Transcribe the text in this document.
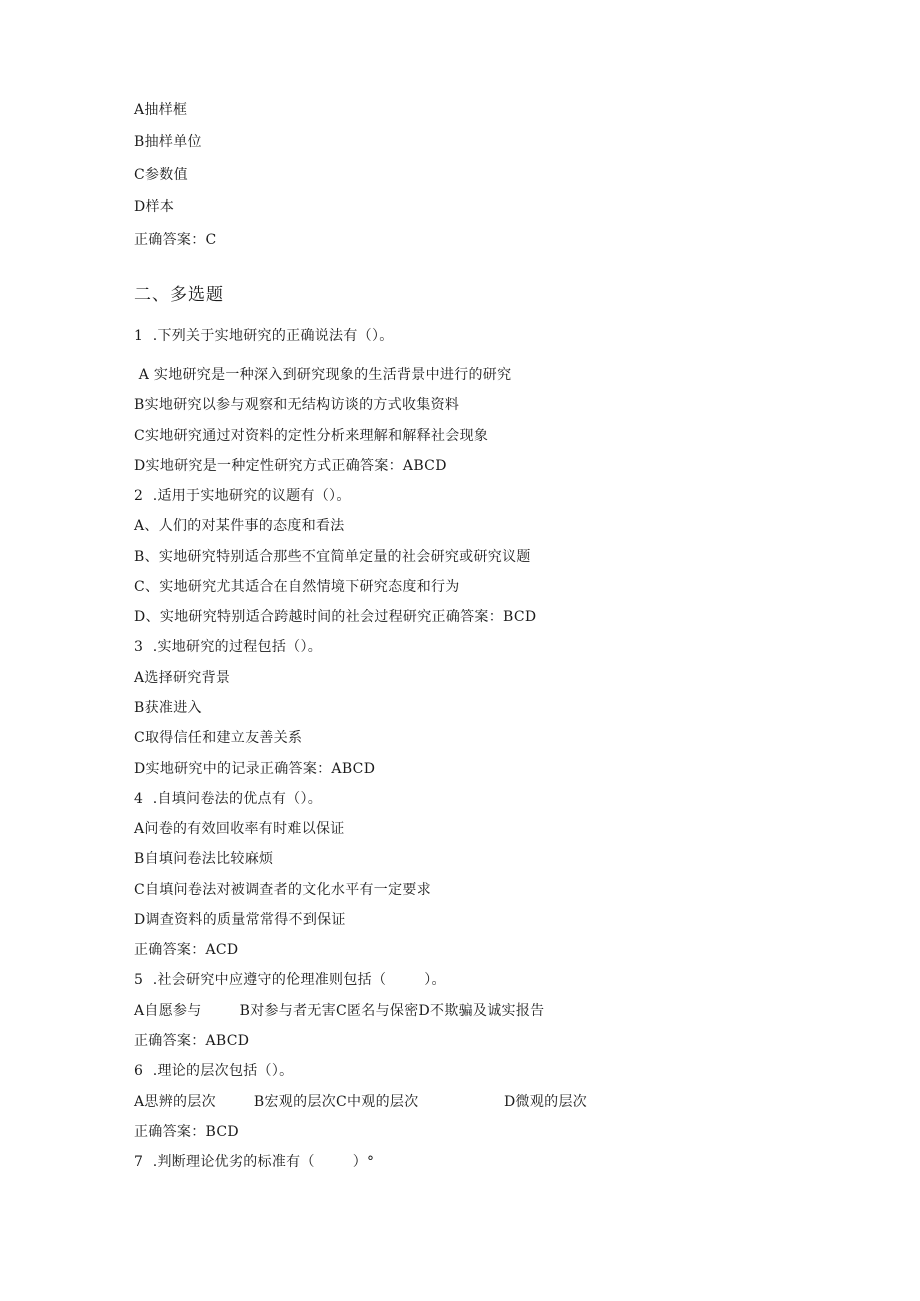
A抽样框
B抽样单位
C参数值
D样本
正确答案：C
二、多选题
1  .下列关于实地研究的正确说法有（）。
A 实地研究是一种深入到研究现象的生活背景中进行的研究
B实地研究以参与观察和无结构访谈的方式收集资料
C实地研究通过对资料的定性分析来理解和解释社会现象
D实地研究是一种定性研究方式正确答案：ABCD
2  .适用于实地研究的议题有（）。
A、人们的对某件事的态度和看法
B、实地研究特别适合那些不宜简单定量的社会研究或研究议题
C、实地研究尤其适合在自然情境下研究态度和行为
D、实地研究特别适合跨越时间的社会过程研究正确答案：BCD
3  .实地研究的过程包括（）。
A选择研究背景
B获准进入
C取得信任和建立友善关系
D实地研究中的记录正确答案：ABCD
4  .自填问卷法的优点有（）。
A问卷的有效回收率有时难以保证
B自填问卷法比较麻烦
C自填问卷法对被调查者的文化水平有一定要求
D调查资料的质量常常得不到保证
正确答案：ACD
5  .社会研究中应遵守的伦理准则包括（        ）。
A自愿参与        B对参与者无害C匿名与保密D不欺骗及诚实报告
正确答案：ABCD
6  .理论的层次包括（）。
A思辨的层次        B宏观的层次C中观的层次                  D微观的层次
正确答案：BCD
7  .判断理论优劣的标准有（        ）°
